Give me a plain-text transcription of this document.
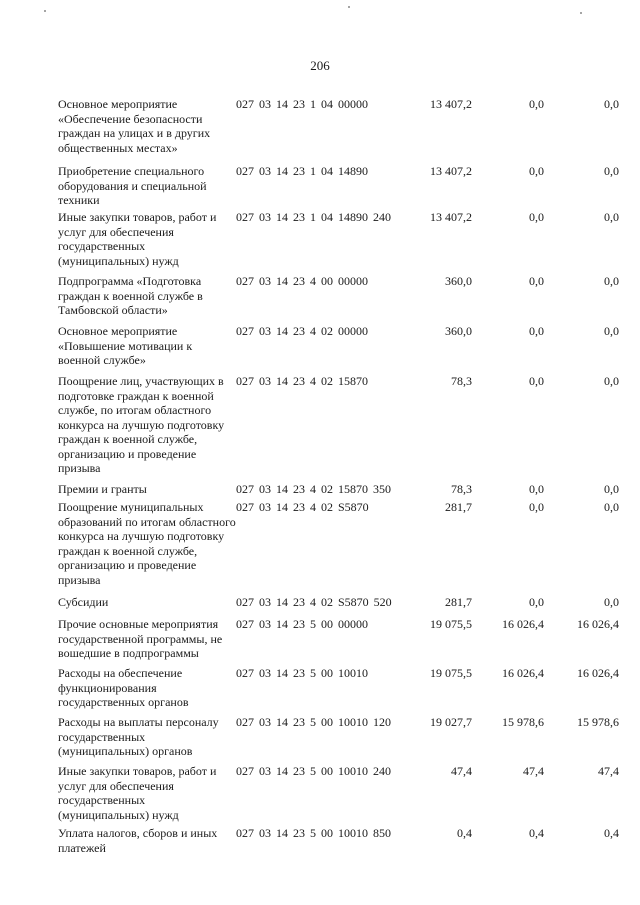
206
Основное мероприятие «Обеспечение безопасности граждан на улицах и в других общественных местах»
027 03 14 23 1 04 00000	13 407,2	0,0	0,0
Приобретение специального оборудования и специальной техники
027 03 14 23 1 04 14890	13 407,2	0,0	0,0
Иные закупки товаров, работ и услуг для обеспечения государственных (муниципальных) нужд
027 03 14 23 1 04 14890 240	13 407,2	0,0	0,0
Подпрограмма «Подготовка граждан к военной службе в Тамбовской области»
027 03 14 23 4 00 00000	360,0	0,0	0,0
Основное мероприятие «Повышение мотивации к военной службе»
027 03 14 23 4 02 00000	360,0	0,0	0,0
Поощрение лиц, участвующих в подготовке граждан к военной службе, по итогам областного конкурса на лучшую подготовку граждан к военной службе, организацию и проведение призыва
027 03 14 23 4 02 15870	78,3	0,0	0,0
Премии и гранты	027 03 14 23 4 02 15870 350	78,3	0,0	0,0
Поощрение муниципальных образований по итогам областного конкурса на лучшую подготовку граждан к военной службе, организацию и проведение призыва
027 03 14 23 4 02 S5870	281,7	0,0	0,0
Субсидии	027 03 14 23 4 02 S5870 520	281,7	0,0	0,0
Прочие основные мероприятия государственной программы, не вошедшие в подпрограммы
027 03 14 23 5 00 00000	19 075,5	16 026,4	16 026,4
Расходы на обеспечение функционирования государственных органов
027 03 14 23 5 00 10010	19 075,5	16 026,4	16 026,4
Расходы на выплаты персоналу государственных (муниципальных) органов
027 03 14 23 5 00 10010 120	19 027,7	15 978,6	15 978,6
Иные закупки товаров, работ и услуг для обеспечения государственных (муниципальных) нужд
027 03 14 23 5 00 10010 240	47,4	47,4	47,4
Уплата налогов, сборов и иных платежей
027 03 14 23 5 00 10010 850	0,4	0,4	0,4
